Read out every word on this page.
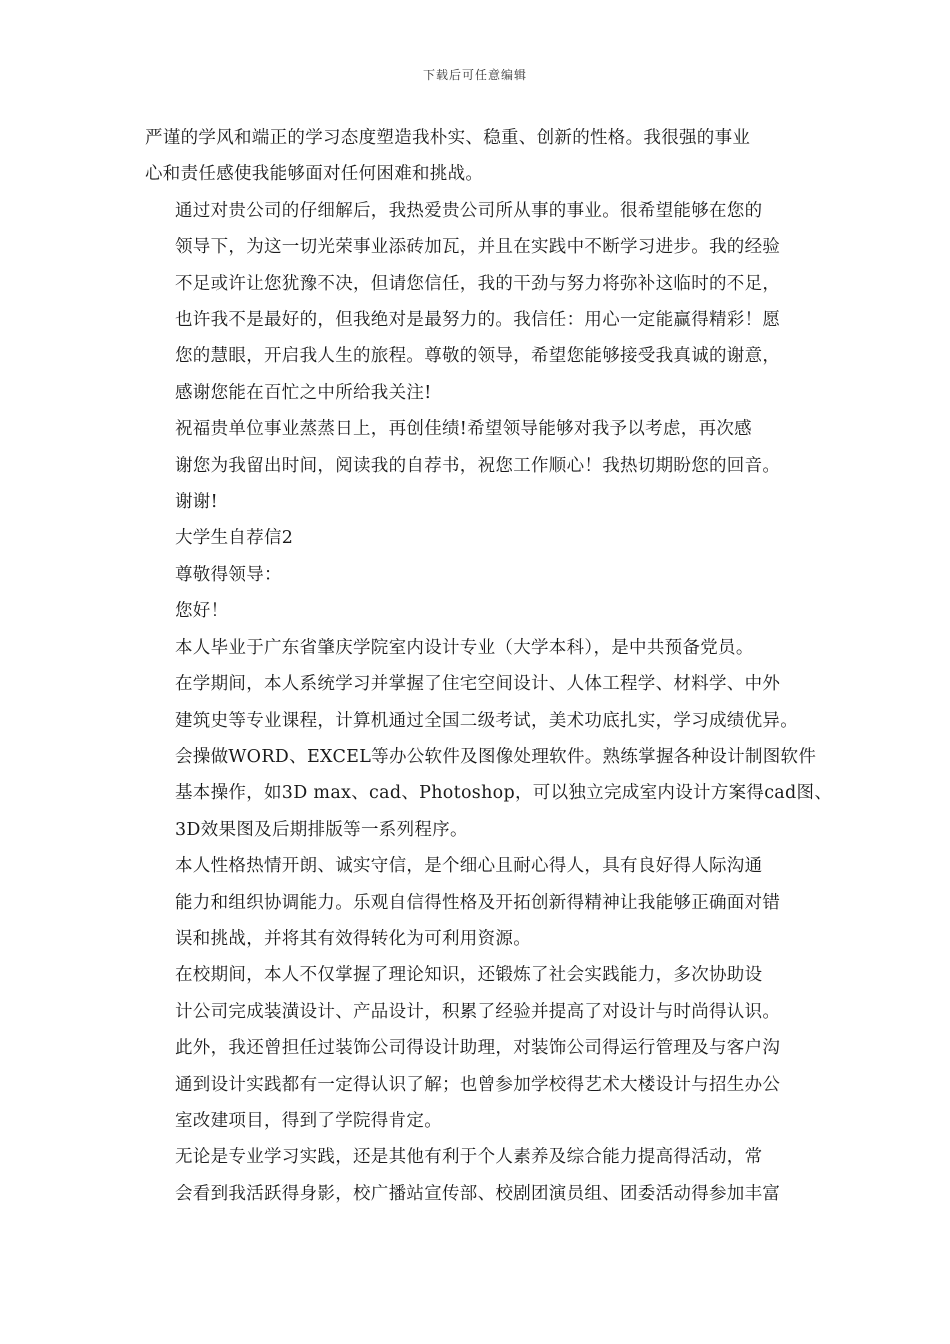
下载后可任意编辑

严谨的学风和端正的学习态度塑造我朴实、稳重、创新的性格。我很强的事业
心和责任感使我能够面对任何困难和挑战。

通过对贵公司的仔细解后，我热爱贵公司所从事的事业。很希望能够在您的
领导下，为这一切光荣事业添砖加瓦，并且在实践中不断学习进步。我的经验
不足或许让您犹豫不决，但请您信任，我的干劲与努力将弥补这临时的不足，
也许我不是最好的，但我绝对是最努力的。我信任：用心一定能赢得精彩！愿
您的慧眼，开启我人生的旅程。尊敬的领导，希望您能够接受我真诚的谢意，
感谢您能在百忙之中所给我关注!

祝福贵单位事业蒸蒸日上，再创佳绩!希望领导能够对我予以考虑，再次感
谢您为我留出时间，阅读我的自荐书，祝您工作顺心！我热切期盼您的回音。
谢谢!

大学生自荐信2

尊敬得领导：

您好！

本人毕业于广东省肇庆学院室内设计专业（大学本科），是中共预备党员。
在学期间，本人系统学习并掌握了住宅空间设计、人体工程学、材料学、中外
建筑史等专业课程，计算机通过全国二级考试，美术功底扎实，学习成绩优异。
会操做WORD、EXCEL等办公软件及图像处理软件。熟练掌握各种设计制图软件
基本操作，如3D max、cad、Photoshop，可以独立完成室内设计方案得cad图、
3D效果图及后期排版等一系列程序。

本人性格热情开朗、诚实守信，是个细心且耐心得人，具有良好得人际沟通
能力和组织协调能力。乐观自信得性格及开拓创新得精神让我能够正确面对错
误和挑战，并将其有效得转化为可利用资源。

在校期间，本人不仅掌握了理论知识，还锻炼了社会实践能力，多次协助设
计公司完成装潢设计、产品设计，积累了经验并提高了对设计与时尚得认识。
此外，我还曾担任过装饰公司得设计助理，对装饰公司得运行管理及与客户沟
通到设计实践都有一定得认识了解；也曾参加学校得艺术大楼设计与招生办公
室改建项目，得到了学院得肯定。

无论是专业学习实践，还是其他有利于个人素养及综合能力提高得活动，常
会看到我活跃得身影，校广播站宣传部、校剧团演员组、团委活动得参加丰富
